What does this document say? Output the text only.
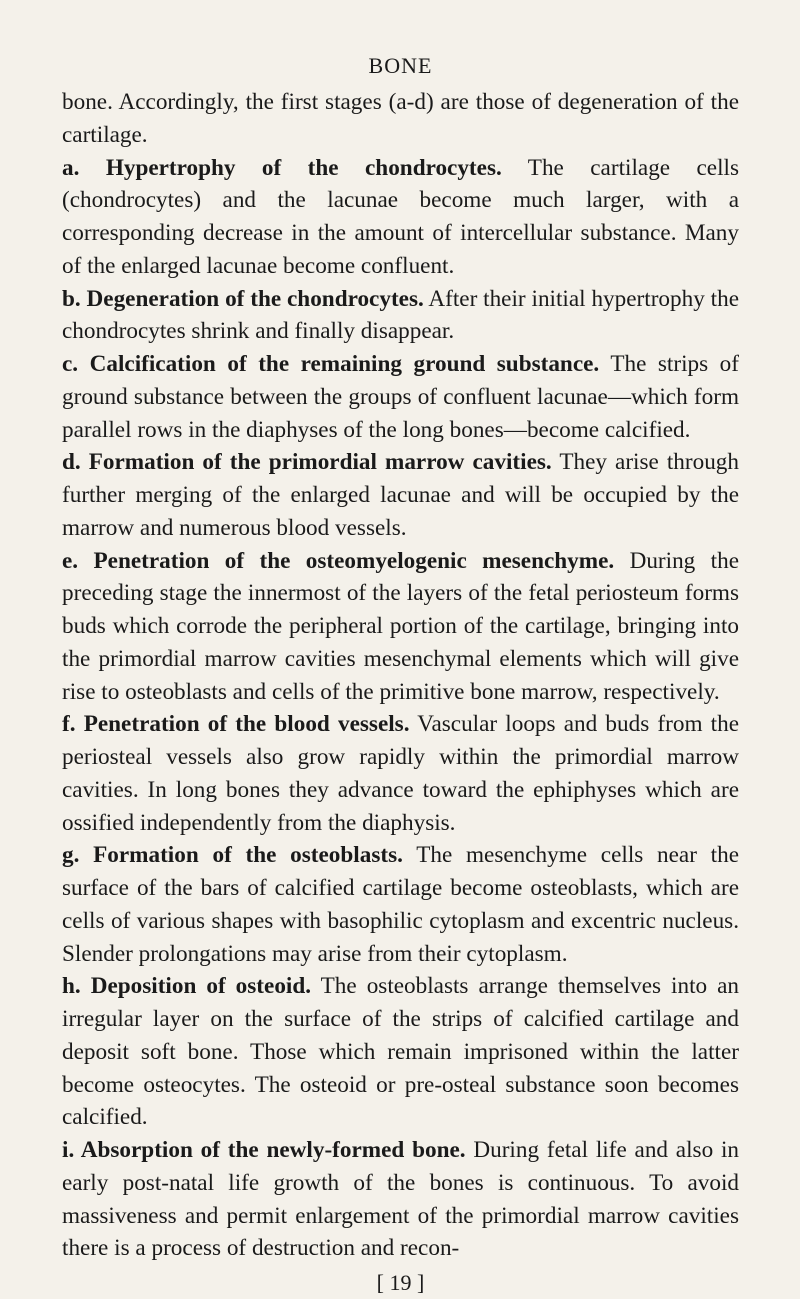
BONE

bone. Accordingly, the first stages (a-d) are those of degeneration of the cartilage.

a. Hypertrophy of the chondrocytes. The cartilage cells (chondrocytes) and the lacunae become much larger, with a corresponding decrease in the amount of intercellular substance. Many of the enlarged lacunae become confluent.

b. Degeneration of the chondrocytes. After their initial hypertrophy the chondrocytes shrink and finally disappear.

c. Calcification of the remaining ground substance. The strips of ground substance between the groups of confluent lacunae—which form parallel rows in the diaphyses of the long bones—become calcified.

d. Formation of the primordial marrow cavities. They arise through further merging of the enlarged lacunae and will be occupied by the marrow and numerous blood vessels.

e. Penetration of the osteomyelogenic mesenchyme. During the preceding stage the innermost of the layers of the fetal periosteum forms buds which corrode the peripheral portion of the cartilage, bringing into the primordial marrow cavities mesenchymal elements which will give rise to osteoblasts and cells of the primitive bone marrow, respectively.

f. Penetration of the blood vessels. Vascular loops and buds from the periosteal vessels also grow rapidly within the primordial marrow cavities. In long bones they advance toward the ephiphyses which are ossified independently from the diaphysis.

g. Formation of the osteoblasts. The mesenchyme cells near the surface of the bars of calcified cartilage become osteoblasts, which are cells of various shapes with basophilic cytoplasm and excentric nucleus. Slender prolongations may arise from their cytoplasm.

h. Deposition of osteoid. The osteoblasts arrange themselves into an irregular layer on the surface of the strips of calcified cartilage and deposit soft bone. Those which remain imprisoned within the latter become osteocytes. The osteoid or pre-osteal substance soon becomes calcified.

i. Absorption of the newly-formed bone. During fetal life and also in early post-natal life growth of the bones is continuous. To avoid massiveness and permit enlargement of the primordial marrow cavities there is a process of destruction and recon-

[ 19 ]
